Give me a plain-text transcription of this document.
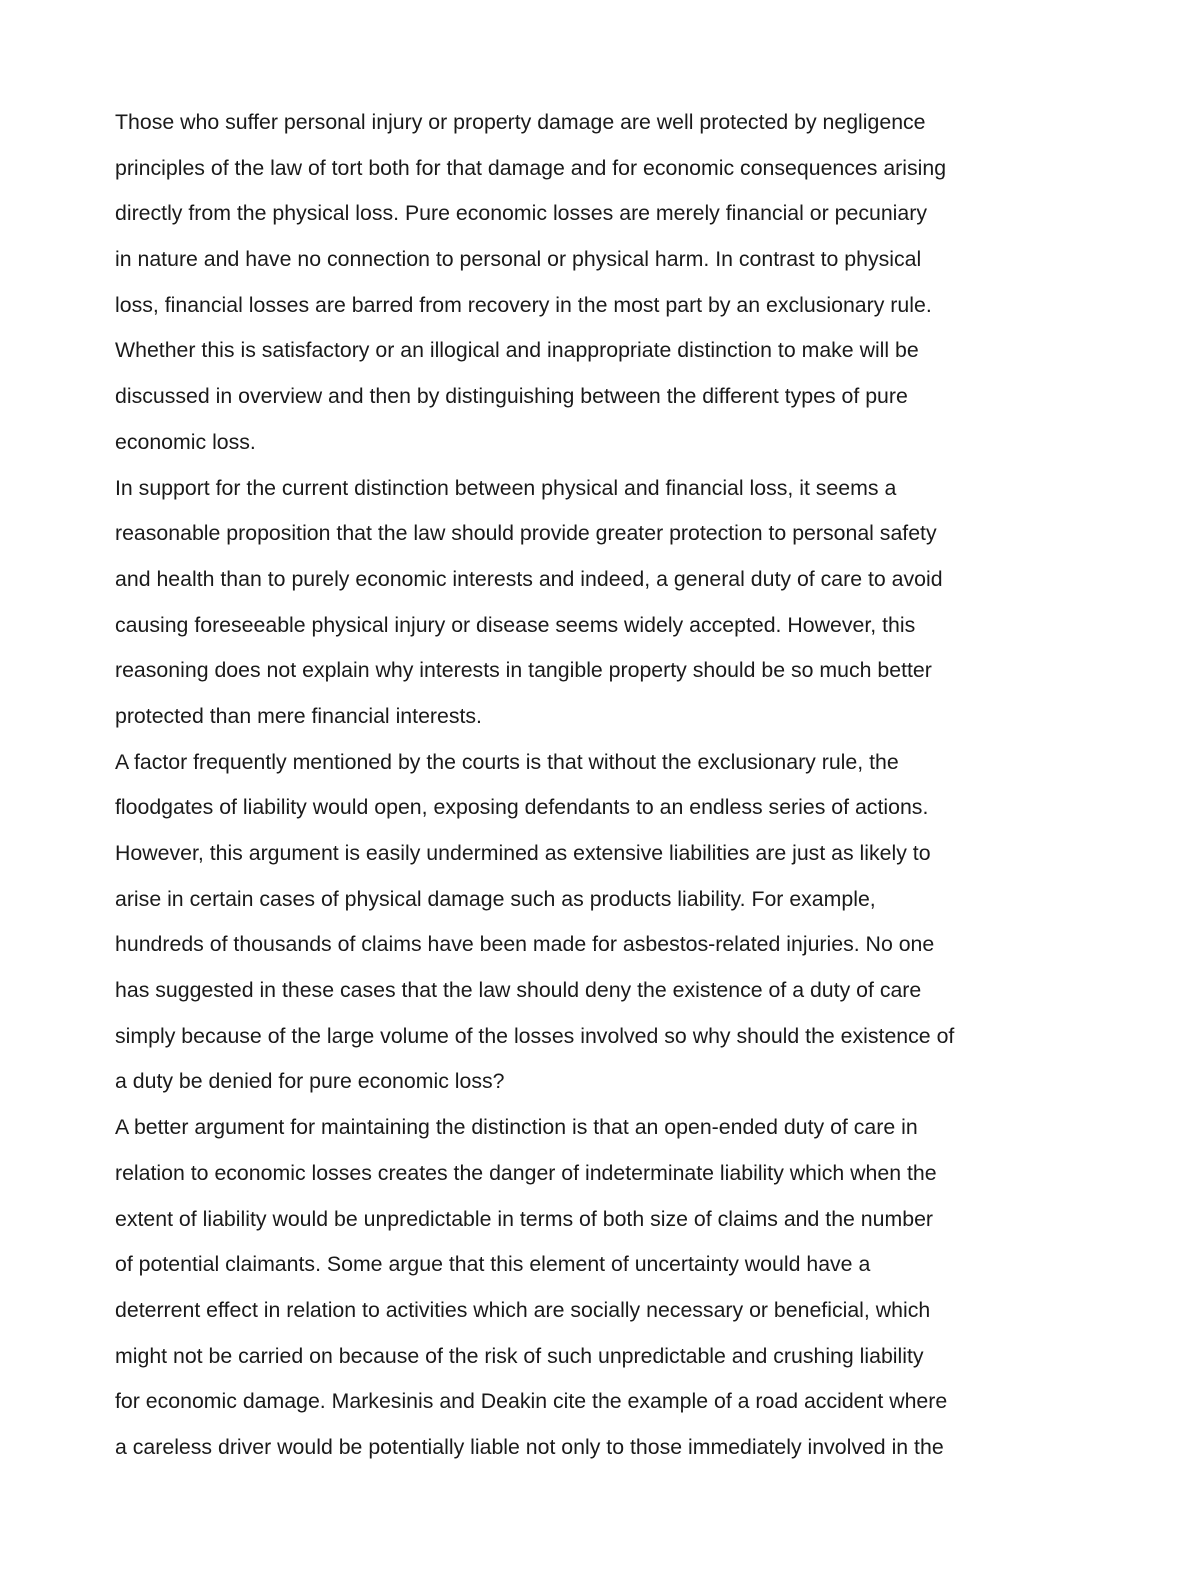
Those who suffer personal injury or property damage are well protected by negligence

principles of the law of tort both for that damage and for economic consequences arising

directly from the physical loss. Pure economic losses are merely financial or pecuniary

in nature and have no connection to personal or physical harm. In contrast to physical

loss, financial losses are barred from recovery in the most part by an exclusionary rule.

Whether this is satisfactory or an illogical and inappropriate distinction to make will be

discussed in overview and then by distinguishing between the different types of pure

economic loss.

In support for the current distinction between physical and financial loss, it seems a

reasonable proposition that the law should provide greater protection to personal safety

and health than to purely economic interests and indeed, a general duty of care to avoid

causing foreseeable physical injury or disease seems widely accepted. However, this

reasoning does not explain why interests in tangible property should be so much better

protected than mere financial interests.

A factor frequently mentioned by the courts is that without the exclusionary rule, the

floodgates of liability would open, exposing defendants to an endless series of actions.

However, this argument is easily undermined as extensive liabilities are just as likely to

arise in certain cases of physical damage such as products liability. For example,

hundreds of thousands of claims have been made for asbestos-related injuries. No one

has suggested in these cases that the law should deny the existence of a duty of care

simply because of the large volume of the losses involved so why should the existence of

a duty be denied for pure economic loss?

A better argument for maintaining the distinction is that an open-ended duty of care in

relation to economic losses creates the danger of indeterminate liability which when the

extent of liability would be unpredictable in terms of both size of claims and the number

of potential claimants. Some argue that this element of uncertainty would have a

deterrent effect in relation to activities which are socially necessary or beneficial, which

might not be carried on because of the risk of such unpredictable and crushing liability

for economic damage. Markesinis and Deakin cite the example of a road accident where

a careless driver would be potentially liable not only to those immediately involved in the
